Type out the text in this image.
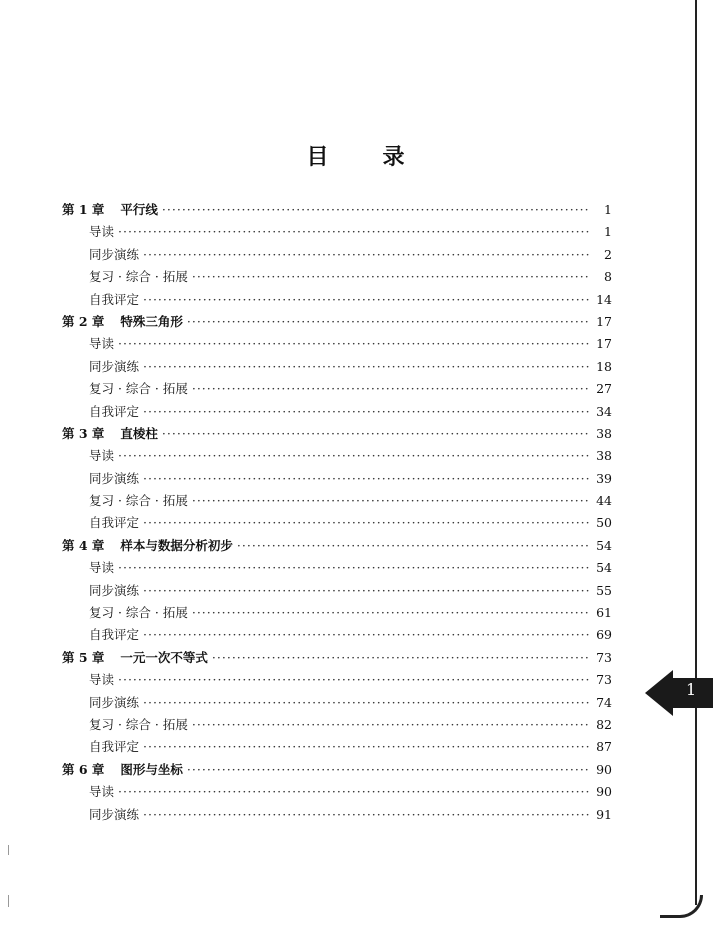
目 录
第 1 章 平行线 ·····	1
导读 ·····	1
同步演练 ·····	2
复习 · 综合 · 拓展 ·····	8
自我评定 ·····	14
第 2 章 特殊三角形 ·····	17
导读 ·····	17
同步演练 ·····	18
复习 · 综合 · 拓展 ·····	27
自我评定 ·····	34
第 3 章 直棱柱 ·····	38
导读 ·····	38
同步演练 ·····	39
复习 · 综合 · 拓展 ·····	44
自我评定 ·····	50
第 4 章 样本与数据分析初步 ·····	54
导读 ·····	54
同步演练 ·····	55
复习 · 综合 · 拓展 ·····	61
自我评定 ·····	69
第 5 章 一元一次不等式 ·····	73
导读 ·····	73
同步演练 ·····	74
复习 · 综合 · 拓展 ·····	82
自我评定 ·····	87
第 6 章 图形与坐标 ·····	90
导读 ·····	90
同步演练 ·····	91
1
